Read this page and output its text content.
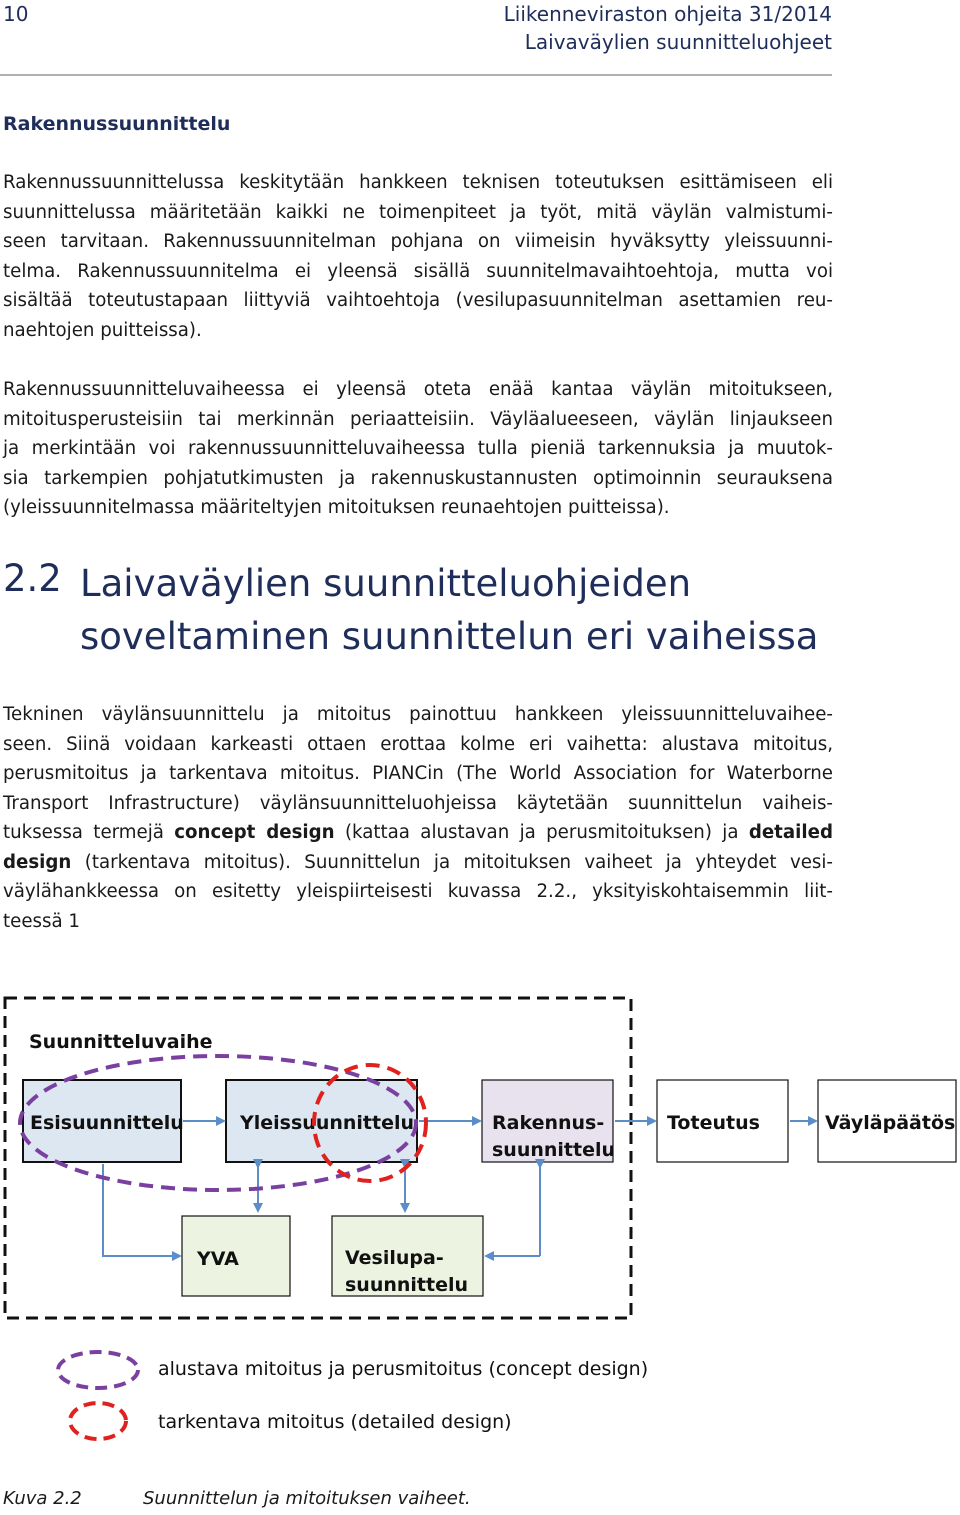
10	Liikenneviraston ohjeita 31/2014
Laivaväylien suunnitteluohjeet
Rakennussuunnittelu
Rakennussuunnittelussa keskitytään hankkeen teknisen toteutuksen esittämiseen eli
suunnittelussa määritetään kaikki ne toimenpiteet ja työt, mitä väylän valmistumi-
seen tarvitaan. Rakennussuunnitelman pohjana on viimeisin hyväksytty yleissuunni-
telma. Rakennussuunnitelma ei yleensä sisällä suunnitelmavaihtoehtoja, mutta voi
sisältää toteutustapaan liittyviä vaihtoehtoja (vesilupasuunnitelman asettamien reu-
naehtojen puitteissa).
Rakennussuunnitteluvaiheessa ei yleensä oteta enää kantaa väylän mitoitukseen,
mitoitusperusteisiin tai merkinnän periaatteisiin. Väyläalueeseen, väylän linjaukseen
ja merkintään voi rakennussuunnitteluvaiheessa tulla pieniä tarkennuksia ja muutok-
sia tarkempien pohjatutkimusten ja rakennuskustannusten optimoinnin seurauksena
(yleissuunnitelmassa määriteltyjen mitoituksen reunaehtojen puitteissa).
2.2 Laivaväylien suunnitteluohjeiden
soveltaminen suunnittelun eri vaiheissa
Tekninen väylänsuunnittelu ja mitoitus painottuu hankkeen yleissuunnitteluvaihee-
seen. Siinä voidaan karkeasti ottaen erottaa kolme eri vaihetta: alustava mitoitus,
perusmitoitus ja tarkentava mitoitus. PIANCin (The World Association for Waterborne
Transport Infrastructure) väylänsuunnitteluohjeissa käytetään suunnittelun vaiheis-
tuksessa termejä concept design (kattaa alustavan ja perusmitoituksen) ja detailed
design (tarkentava mitoitus). Suunnittelun ja mitoituksen vaiheet ja yhteydet vesi-
väylähankkeessa on esitetty yleispiirteisesti kuvassa 2.2., yksityiskohtaisemmin liit-
teessä 1
Suunnitteluvaihe
Esisuunnittelu	Yleissuunnittelu	Rakennus-
suunnittelu
Toteutus	Väyläpäätös
YVA	Vesilupa-
suunnittelu
alustava mitoitus ja perusmitoitus (concept design)
tarkentava mitoitus (detailed design)
Kuva 2.2	Suunnittelun ja mitoituksen vaiheet.
